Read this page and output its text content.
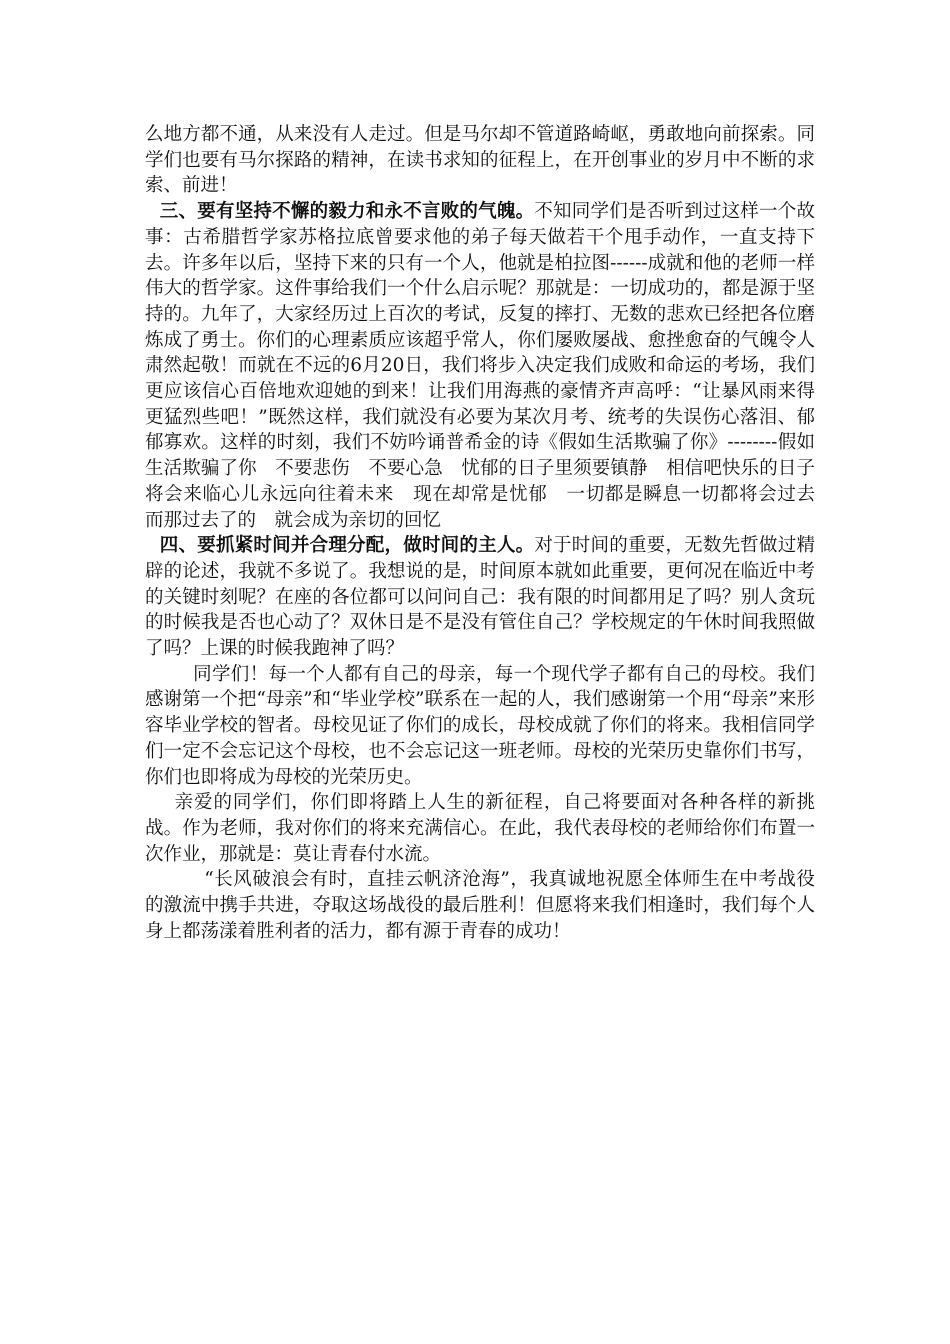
么地方都不通，从来没有人走过。但是马尔却不管道路崎岖，勇敢地向前探索。同学们也要有马尔探路的精神，在读书求知的征程上，在开创事业的岁月中不断的求索、前进！

三、要有坚持不懈的毅力和永不言败的气魄。不知同学们是否听到过这样一个故事：古希腊哲学家苏格拉底曾要求他的弟子每天做若干个甩手动作，一直支持下去。许多年以后，坚持下来的只有一个人，他就是柏拉图------成就和他的老师一样伟大的哲学家。这件事给我们一个什么启示呢？那就是：一切成功的，都是源于坚持的。九年了，大家经历过上百次的考试，反复的摔打、无数的悲欢已经把各位磨炼成了勇士。你们的心理素质应该超乎常人，你们屡败屡战、愈挫愈奋的气魄令人肃然起敬！而就在不远的6月20日，我们将步入决定我们成败和命运的考场，我们更应该信心百倍地欢迎她的到来！让我们用海燕的豪情齐声高呼：“让暴风雨来得更猛烈些吧！”既然这样，我们就没有必要为某次月考、统考的失误伤心落泪、郁郁寡欢。这样的时刻，我们不妨吟诵普希金的诗《假如生活欺骗了你》--------假如生活欺骗了你　不要悲伤　不要心急　忧郁的日子里须要镇静　相信吧快乐的日子将会来临心儿永远向往着未来　现在却常是忧郁　一切都是瞬息一切都将会过去　而那过去了的　就会成为亲切的回忆

四、要抓紧时间并合理分配，做时间的主人。对于时间的重要，无数先哲做过精辟的论述，我就不多说了。我想说的是，时间原本就如此重要，更何况在临近中考的关键时刻呢？在座的各位都可以问问自己：我有限的时间都用足了吗？别人贪玩的时候我是否也心动了？双休日是不是没有管住自己？学校规定的午休时间我照做了吗？上课的时候我跑神了吗？

同学们！每一个人都有自己的母亲，每一个现代学子都有自己的母校。我们感谢第一个把“母亲”和“毕业学校”联系在一起的人，我们感谢第一个用“母亲”来形容毕业学校的智者。母校见证了你们的成长，母校成就了你们的将来。我相信同学们一定不会忘记这个母校，也不会忘记这一班老师。母校的光荣历史靠你们书写，你们也即将成为母校的光荣历史。

亲爱的同学们，你们即将踏上人生的新征程，自己将要面对各种各样的新挑战。作为老师，我对你们的将来充满信心。在此，我代表母校的老师给你们布置一次作业，那就是：莫让青春付水流。

“长风破浪会有时，直挂云帆济沧海”，我真诚地祝愿全体师生在中考战役的激流中携手共进，夺取这场战役的最后胜利！但愿将来我们相逢时，我们每个人身上都荡漾着胜利者的活力，都有源于青春的成功！
